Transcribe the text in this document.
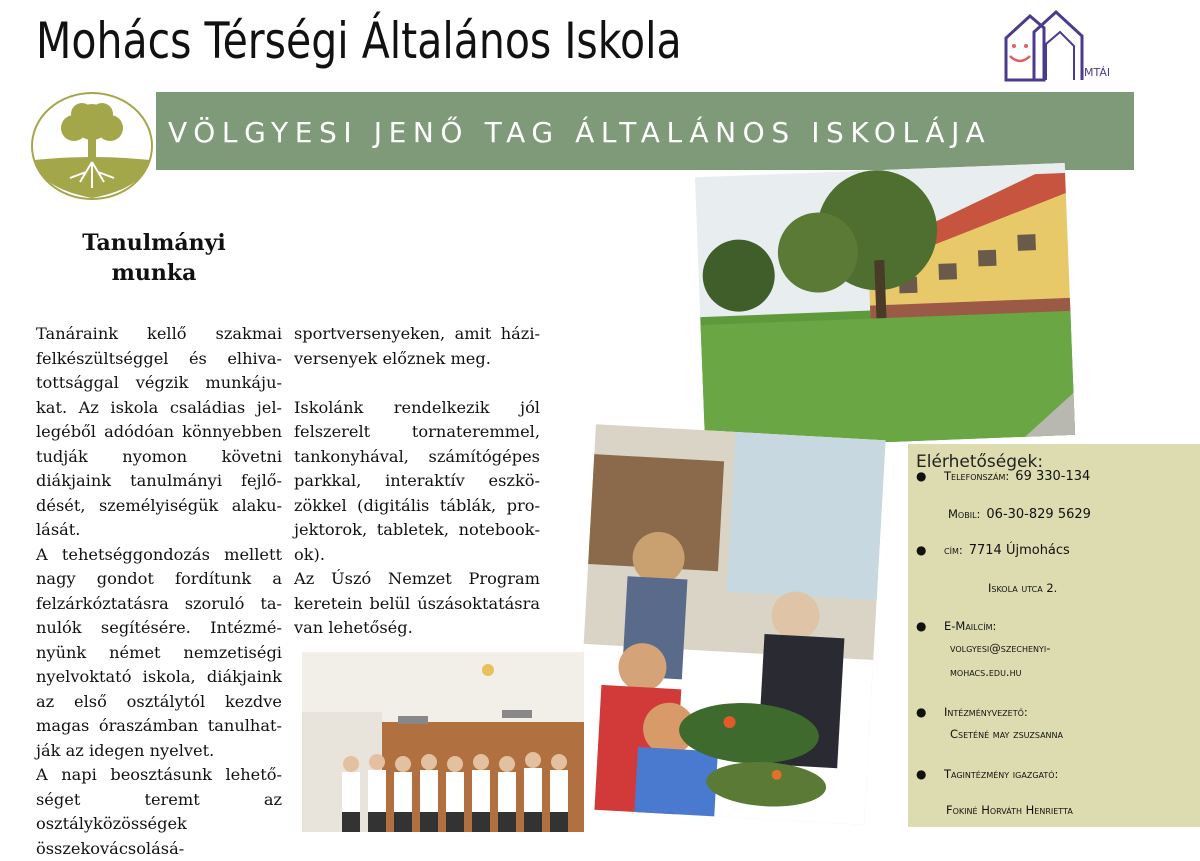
Mohács Térségi Általános Iskola
MTÁI
VÖLGYESI JENŐ TAG ÁLTALÁNOS ISKOLÁJA
Tanulmányi
munka

Tanáraink kellő szakmai felkészültséggel és elhivatottsággal végzik munkájukat. Az iskola családias jellegéből adódóan könnyebben tudják nyomon követni diákjaink tanulmányi fejlődését, személyiségük alakulását.

A tehetséggondozás mellett nagy gondot fordítunk a felzárkóztatásra szoruló tanulók segítésére. Intézményünk német nemzetiségi nyelvoktató iskola, diákjaink az első osztálytól kezdve magas óraszámban tanulhatják az idegen nyelvet.

A napi beosztásunk lehetőséget teremt az osztályközösségek összekovácsolásá-

sportversenyeken, amit háziversenyek előznek meg.

Iskolánk rendelkezik jól felszerelt tornateremmel, tankonyhával, számítógépes parkkal, interaktív eszközökkel (digitális táblák, projektorok, tabletek, notebookok).

Az Úszó Nemzet Program keretein belül úszásoktatásra van lehetőség.

Elérhetőségek:
● Telefonszám: 69 330-134
Mobil: 06-30-829 5629
● cím: 7714 Újmohács
Iskola utca 2.
● E-Mailcím:
volgyesi@szechenyi-
mohacs.edu.hu
● Intézményvezető:
Cseténé may zsuzsanna
● Tagintézmény igazgató:
Fokiné Horváth Henrietta
